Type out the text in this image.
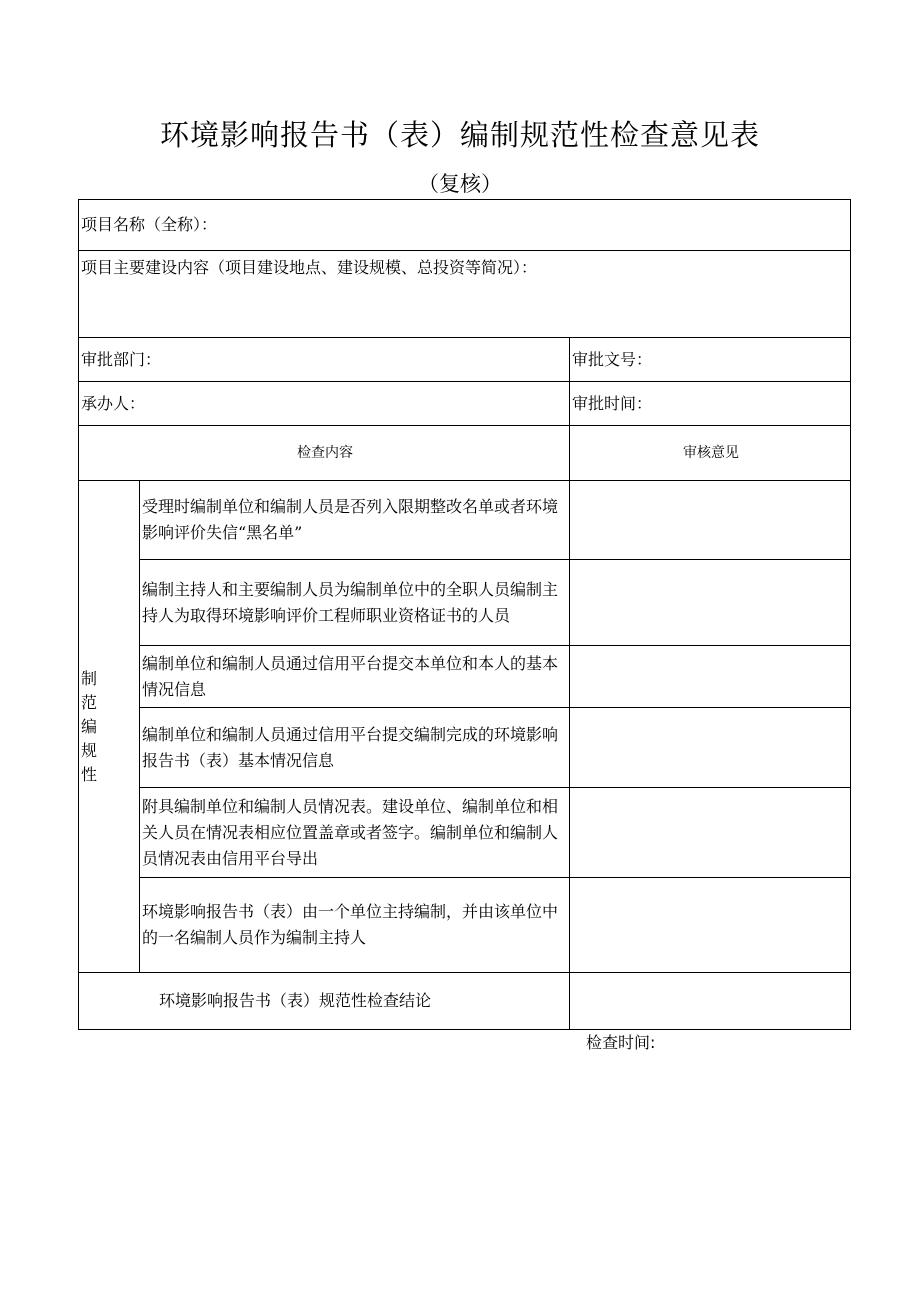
环境影响报告书（表）编制规范性检查意见表
（复核）
项目名称（全称）：		
项目主要建设内容（项目建设地点、建设规模、总投资等简况）：		
审批部门：		审批文号：
承办人：		审批时间：
检查内容		审核意见

制范编规性	受理时编制单位和编制人员是否列入限期整改名单或者环境影响评价失信“黑名单”	
	编制主持人和主要编制人员为编制单位中的全职人员编制主持人为取得环境影响评价工程师职业资格证书的人员	
	编制单位和编制人员通过信用平台提交本单位和本人的基本情况信息	
	编制单位和编制人员通过信用平台提交编制完成的环境影响报告书（表）基本情况信息	
	附具编制单位和编制人员情况表。建设单位、编制单位和相关人员在情况表相应位置盖章或者签字。编制单位和编制人员情况表由信用平台导出	
	环境影响报告书（表）由一个单位主持编制，并由该单位中的一名编制人员作为编制主持人	
环境影响报告书（表）规范性检查结论		
检查时间:
